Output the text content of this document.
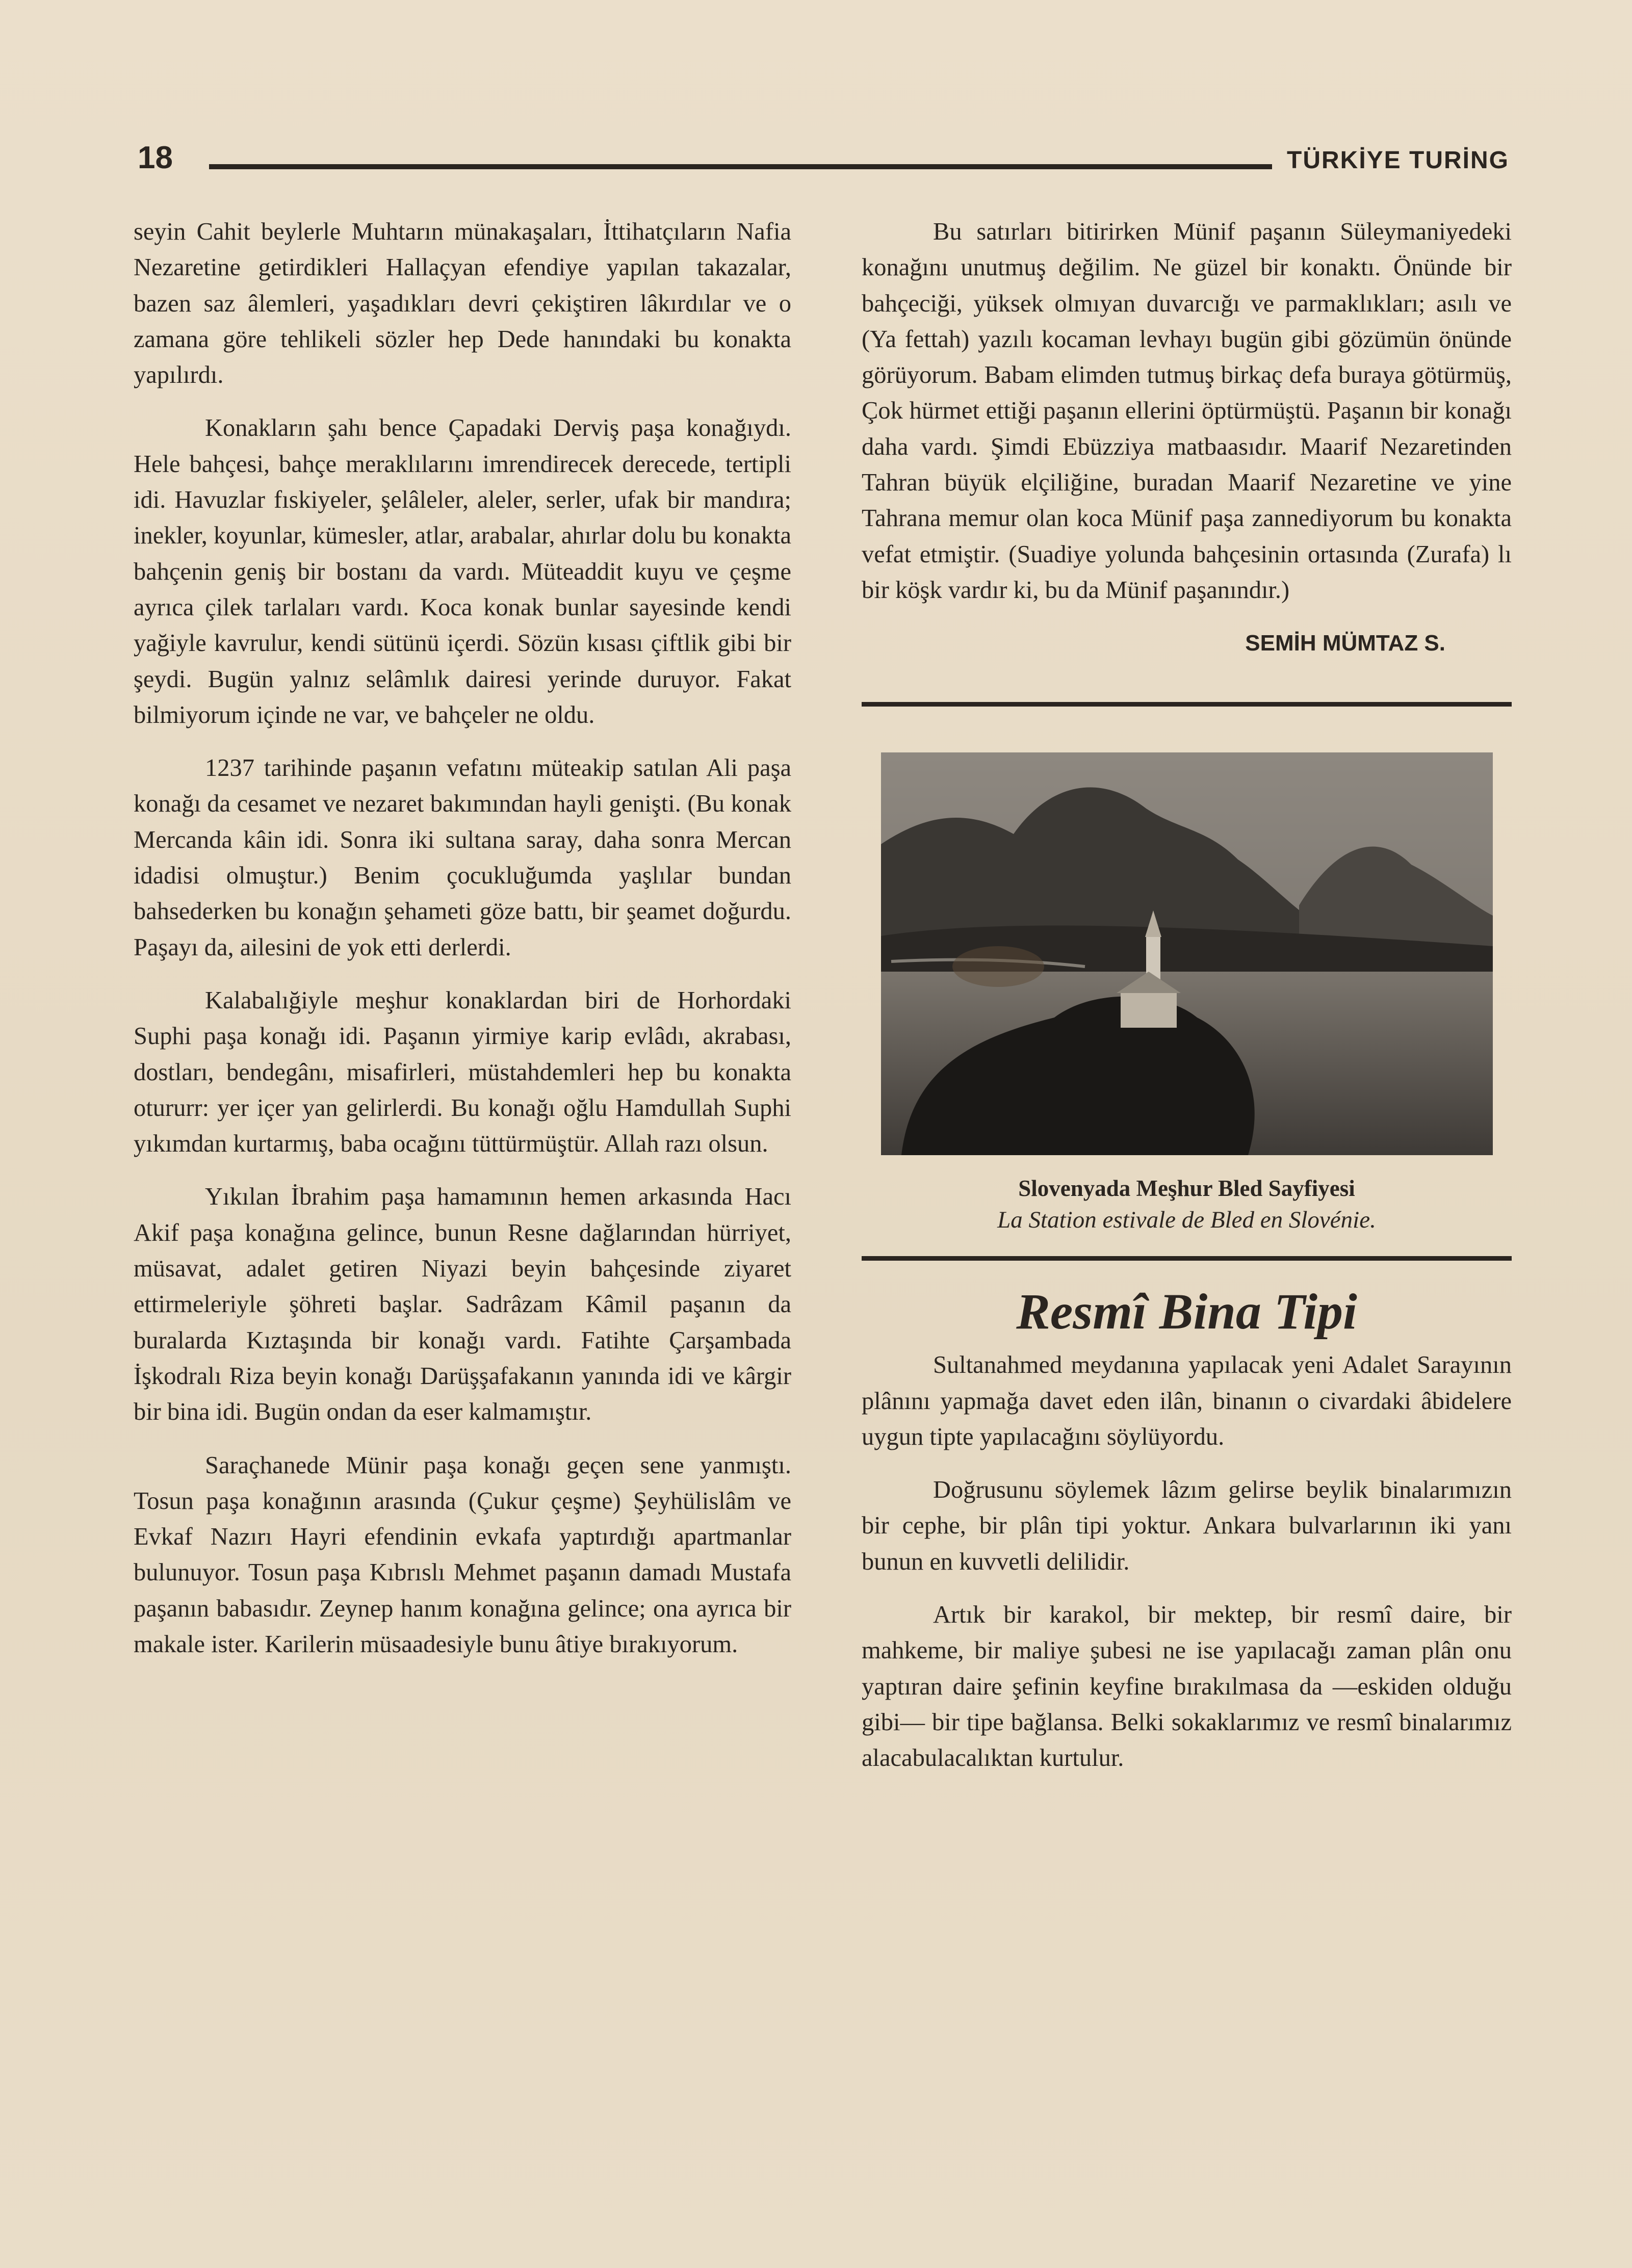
18	TÜRKİYE TURİNG

seyin Cahit beylerle Muhtarın münakaşaları, İttihatçıların Nafia Nezaretine getirdikleri Hallaçyan efendiye yapılan takazalar, bazen saz âlemleri, yaşadıkları devri çekiştiren lâkırdılar ve o zamana göre tehlikeli sözler hep Dede hanındaki bu konakta yapılırdı.

Konakların şahı bence Çapadaki Derviş paşa konağıydı. Hele bahçesi, bahçe meraklılarını imrendirecek derecede, tertipli idi. Havuzlar fıskiyeler, şelâleler, aleler, serler, ufak bir mandıra; inekler, koyunlar, kümesler, atlar, arabalar, ahırlar dolu bu konakta bahçenin geniş bir bostanı da vardı. Müteaddit kuyu ve çeşme ayrıca çilek tarlaları vardı. Koca konak bunlar sayesinde kendi yağiyle kavrulur, kendi sütünü içerdi. Sözün kısası çiftlik gibi bir şeydi. Bugün yalnız selâmlık dairesi yerinde duruyor. Fakat bilmiyorum içinde ne var, ve bahçeler ne oldu.

1237 tarihinde paşanın vefatını müteakip satılan Ali paşa konağı da cesamet ve nezaret bakımından hayli genişti. (Bu konak Mercanda kâin idi. Sonra iki sultana saray, daha sonra Mercan idadisi olmuştur.) Benim çocukluğumda yaşlılar bundan bahsederken bu konağın şehameti göze battı, bir şeamet doğurdu. Paşayı da, ailesini de yok etti derlerdi.

Kalabalığiyle meşhur konaklardan biri de Horhordaki Suphi paşa konağı idi. Paşanın yirmiye karip evlâdı, akrabası, dostları, bendegânı, misafirleri, müstahdemleri hep bu konakta otururr: yer içer yan gelirlerdi. Bu konağı oğlu Hamdullah Suphi yıkımdan kurtarmış, baba ocağını tüttürmüştür. Allah razı olsun.

Yıkılan İbrahim paşa hamamının hemen arkasında Hacı Akif paşa konağına gelince, bunun Resne dağlarından hürriyet, müsavat, adalet getiren Niyazi beyin bahçesinde ziyaret ettirmeleriyle şöhreti başlar. Sadrâzam Kâmil paşanın da buralarda Kıztaşında bir konağı vardı. Fatihte Çarşambada İşkodralı Riza beyin konağı Darüşşafakanın yanında idi ve kârgir bir bina idi. Bugün ondan da eser kalmamıştır.

Saraçhanede Münir paşa konağı geçen sene yanmıştı. Tosun paşa konağının arasında (Çukur çeşme) Şeyhülislâm ve Evkaf Nazırı Hayri efendinin evkafa yaptırdığı apartmanlar bulunuyor. Tosun paşa Kıbrıslı Mehmet paşanın damadı Mustafa paşanın babasıdır. Zeynep hanım konağına gelince; ona ayrıca bir makale ister. Karilerin müsaadesiyle bunu âtiye bırakıyorum.

Bu satırları bitirirken Münif paşanın Süleymaniyedeki konağını unutmuş değilim. Ne güzel bir konaktı. Önünde bir bahçeciği, yüksek olmıyan duvarcığı ve parmaklıkları; asılı ve (Ya fettah) yazılı kocaman levhayı bugün gibi gözümün önünde görüyorum. Babam elimden tutmuş birkaç defa buraya götürmüş, Çok hürmet ettiği paşanın ellerini öptürmüştü. Paşanın bir konağı daha vardı. Şimdi Ebüzziya matbaasıdır. Maarif Nezaretinden Tahran büyük elçiliğine, buradan Maarif Nezaretine ve yine Tahrana memur olan koca Münif paşa zannediyorum bu konakta vefat etmiştir. (Suadiye yolunda bahçesinin ortasında (Zurafa) lı bir köşk vardır ki, bu da Münif paşanındır.)

SEMİH MÜMTAZ S.
Slovenyada Meşhur Bled Sayfiyesi
La Station estivale de Bled en Slovénie.
Resmî Bina Tipi

Sultanahmed meydanına yapılacak yeni Adalet Sarayının plânını yapmağa davet eden ilân, binanın o civardaki âbidelere uygun tipte yapılacağını söylüyordu.

Doğrusunu söylemek lâzım gelirse beylik binalarımızın bir cephe, bir plân tipi yoktur. Ankara bulvarlarının iki yanı bunun en kuvvetli delilidir.

Artık bir karakol, bir mektep, bir resmî daire, bir mahkeme, bir maliye şubesi ne ise yapılacağı zaman plân onu yaptıran daire şefinin keyfine bırakılmasa da —eskiden olduğu gibi— bir tipe bağlansa. Belki sokaklarımız ve resmî binalarımız alacabulacalıktan kurtulur.
